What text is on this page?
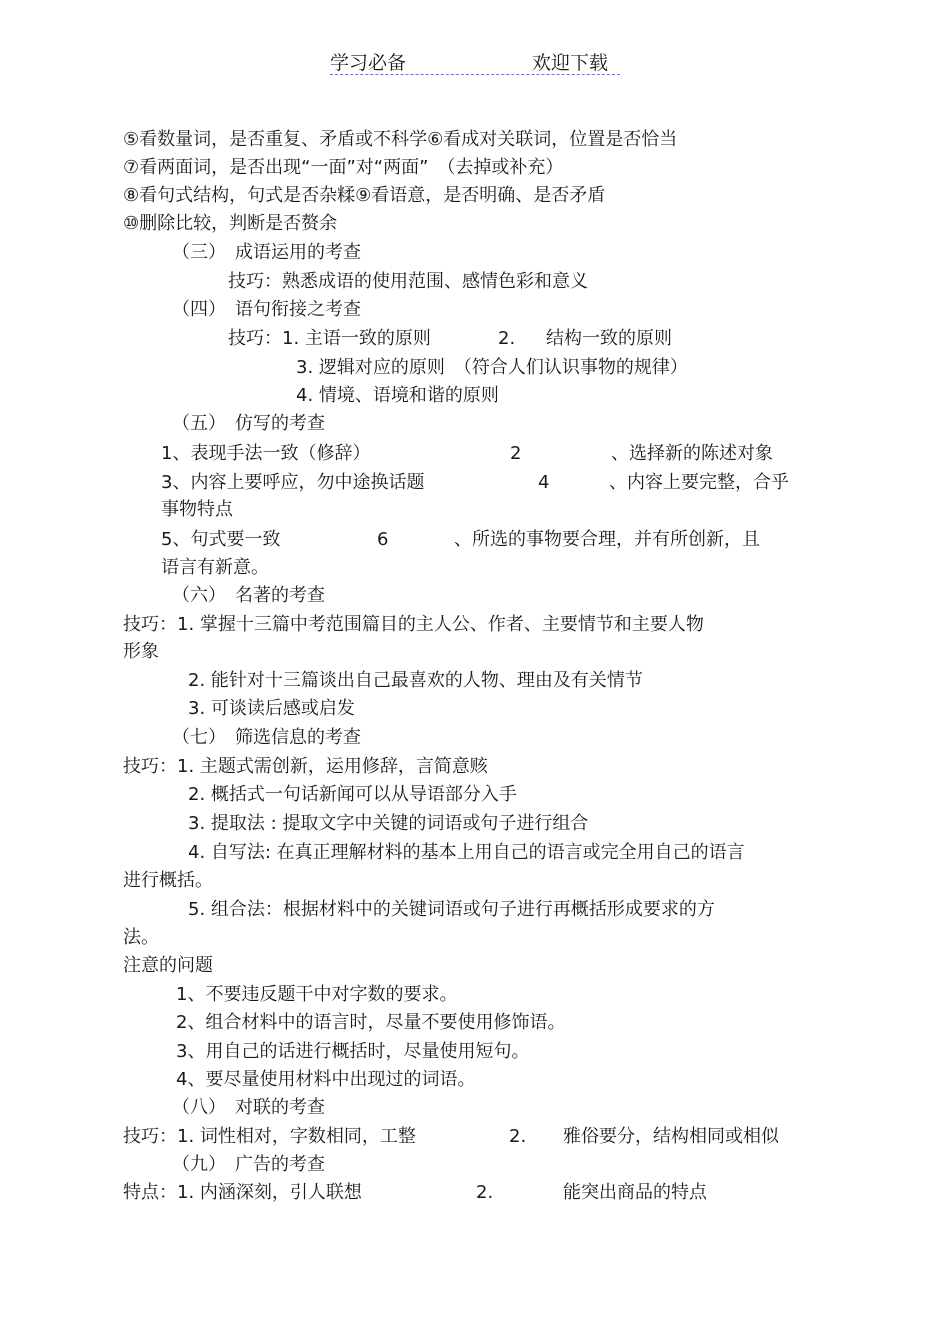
学习必备	欢迎下载
⑤看数量词，是否重复、矛盾或不科学⑥看成对关联词，位置是否恰当
⑦看两面词，是否出现“一面”对“两面”　（去掉或补充）
⑧看句式结构，句式是否杂糅⑨看语意，是否明确、是否矛盾
⑩删除比较，判断是否赘余
（三）　成语运用的考查
技巧：熟悉成语的使用范围、感情色彩和意义
（四）　语句衔接之考查
技巧：1. 主语一致的原则	2. 结构一致的原则
3. 逻辑对应的原则　（符合人们认识事物的规律）
4. 情境、语境和谐的原则
（五）　仿写的考查
1、表现手法一致（修辞）	2	、选择新的陈述对象
3、内容上要呼应，勿中途换话题	4	、内容上要完整，合乎
事物特点
5、句式要一致	6	、所选的事物要合理，并有所创新，且
语言有新意。
（六）　名著的考查
技巧：1. 掌握十三篇中考范围篇目的主人公、作者、主要情节和主要人物
形象
2. 能针对十三篇谈出自己最喜欢的人物、理由及有关情节
3. 可谈读后感或启发
（七）　筛选信息的考查
技巧：1. 主题式需创新，运用修辞，言简意赅
2. 概括式一句话新闻可以从导语部分入手
3. 提取法 : 提取文字中关键的词语或句子进行组合
4. 自写法: 在真正理解材料的基本上用自己的语言或完全用自己的语言
进行概括。
5. 组合法：根据材料中的关键词语或句子进行再概括形成要求的方
法。
注意的问题
1、不要违反题干中对字数的要求。
2、组合材料中的语言时，尽量不要使用修饰语。
3、用自己的话进行概括时，尽量使用短句。
4、要尽量使用材料中出现过的词语。
（八）　对联的考查
技巧：1. 词性相对，字数相同，工整	2. 雅俗要分，结构相同或相似
（九）　广告的考查
特点：1. 内涵深刻，引人联想	2.	能突出商品的特点
